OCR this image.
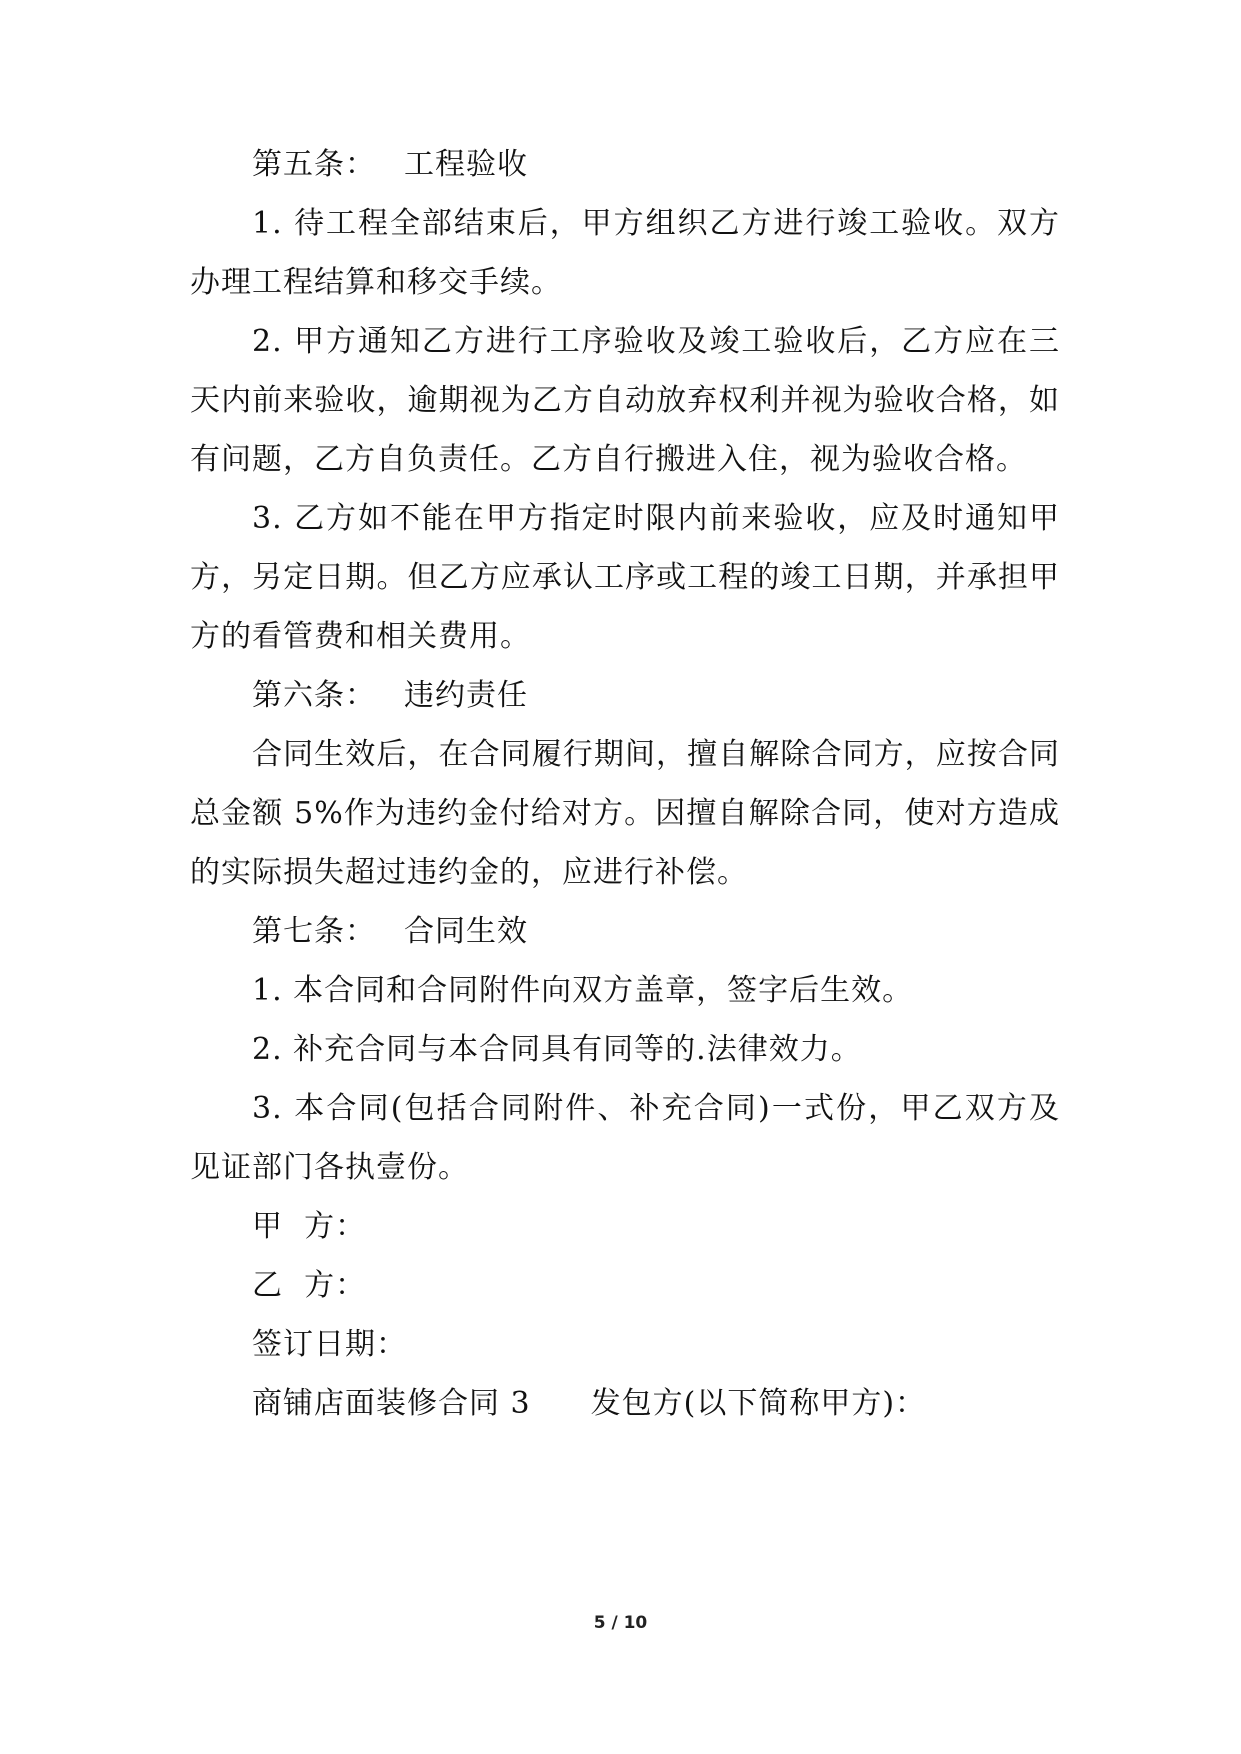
第五条： 工程验收
1. 待工程全部结束后，甲方组织乙方进行竣工验收。双方
办理工程结算和移交手续。
2. 甲方通知乙方进行工序验收及竣工验收后，乙方应在三
天内前来验收，逾期视为乙方自动放弃权利并视为验收合格，如
有问题，乙方自负责任。乙方自行搬进入住，视为验收合格。
3. 乙方如不能在甲方指定时限内前来验收，应及时通知甲
方，另定日期。但乙方应承认工序或工程的竣工日期，并承担甲
方的看管费和相关费用。
第六条： 违约责任
合同生效后，在合同履行期间，擅自解除合同方，应按合同
总金额 5%作为违约金付给对方。因擅自解除合同，使对方造成
的实际损失超过违约金的，应进行补偿。
第七条： 合同生效
1. 本合同和合同附件向双方盖章，签字后生效。
2. 补充合同与本合同具有同等的.法律效力。
3. 本合同(包括合同附件、补充合同)一式份，甲乙双方及
见证部门各执壹份。
甲  方：
乙  方：
签订日期：
商铺店面装修合同 3 发包方(以下简称甲方)：
5 / 10
